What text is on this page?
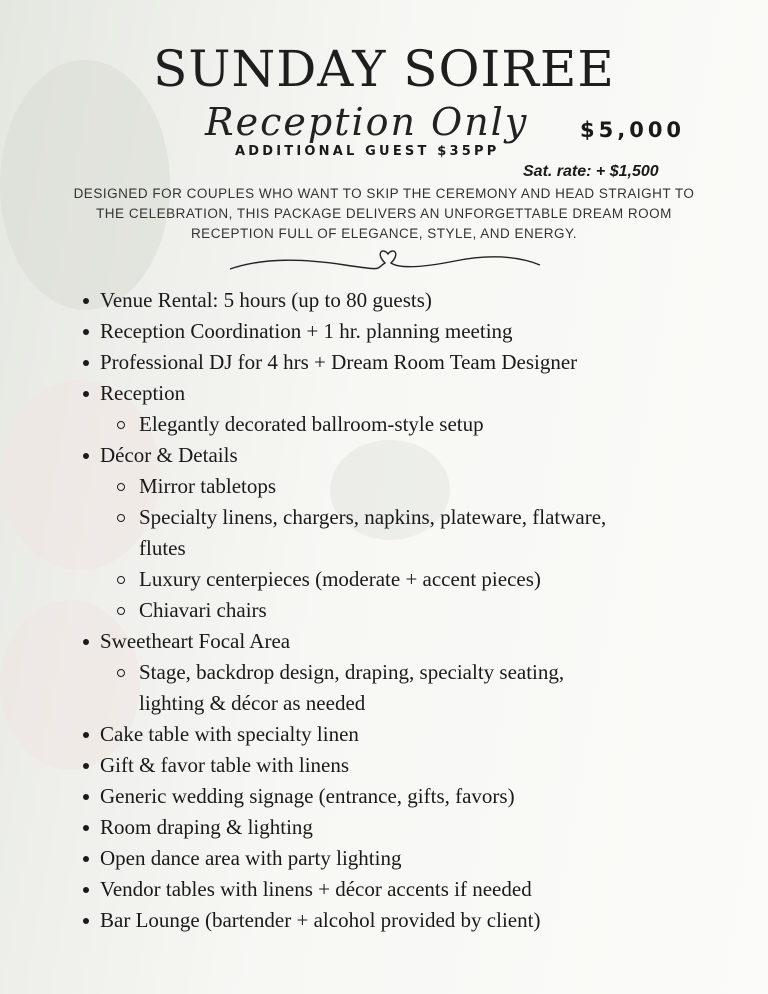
SUNDAY SOIREE
Reception Only	$5,000
ADDITIONAL GUEST $35PP
Sat. rate: + $1,500
DESIGNED FOR COUPLES WHO WANT TO SKIP THE CEREMONY AND HEAD STRAIGHT TO THE CELEBRATION, THIS PACKAGE DELIVERS AN UNFORGETTABLE DREAM ROOM RECEPTION FULL OF ELEGANCE, STYLE, AND ENERGY.
Venue Rental: 5 hours (up to 80 guests)
Reception Coordination + 1 hr. planning meeting
Professional DJ for 4 hrs + Dream Room Team Designer
Reception
Elegantly decorated ballroom-style setup
Décor & Details
Mirror tabletops
Specialty linens, chargers, napkins, plateware, flatware,
flutes
Luxury centerpieces (moderate + accent pieces)
Chiavari chairs
Sweetheart Focal Area
Stage, backdrop design, draping, specialty seating,
lighting & décor as needed
Cake table with specialty linen
Gift & favor table with linens
Generic wedding signage (entrance, gifts, favors)
Room draping & lighting
Open dance area with party lighting
Vendor tables with linens + décor accents if needed
Bar Lounge (bartender + alcohol provided by client)
